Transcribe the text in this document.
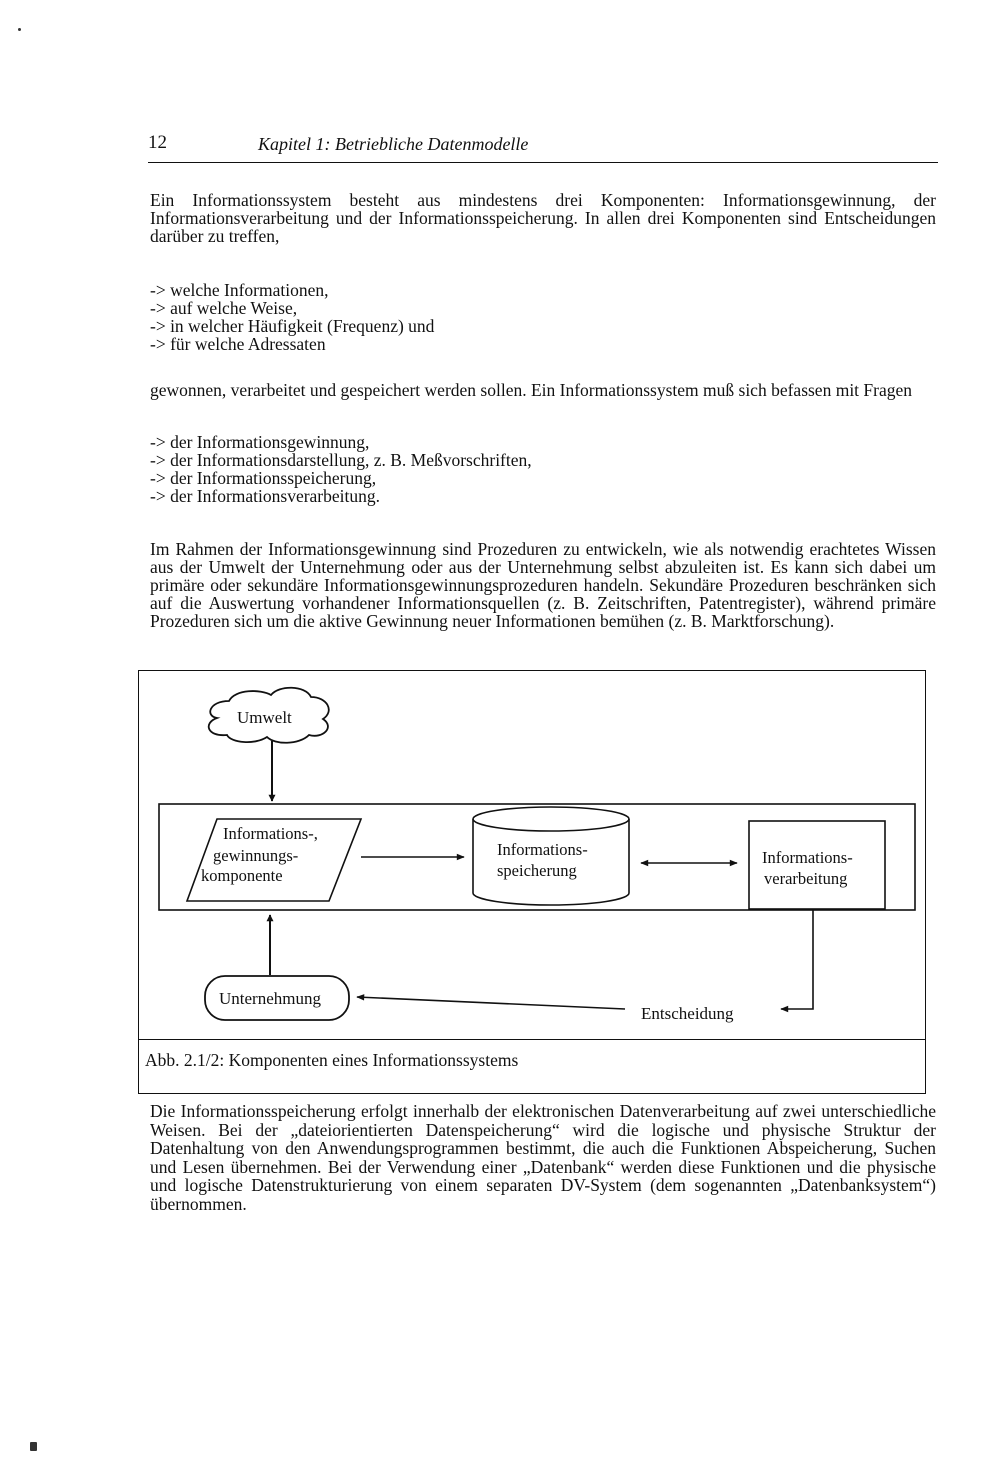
12	Kapitel 1: Betriebliche Datenmodelle
Ein Informationssystem besteht aus mindestens drei Komponenten: Informationsgewinnung, der Informationsverarbeitung und der Informationsspeicherung. In allen drei Komponenten sind Entscheidungen darüber zu treffen,
-> welche Informationen,
-> auf welche Weise,
-> in welcher Häufigkeit (Frequenz) und
-> für welche Adressaten
gewonnen, verarbeitet und gespeichert werden sollen. Ein Informationssystem muß sich befassen mit Fragen
-> der Informationsgewinnung,
-> der Informationsdarstellung, z. B. Meßvorschriften,
-> der Informationsspeicherung,
-> der Informationsverarbeitung.
Im Rahmen der Informationsgewinnung sind Prozeduren zu entwickeln, wie als notwendig erachtetes Wissen aus der Umwelt der Unternehmung oder aus der Unternehmung selbst abzuleiten ist. Es kann sich dabei um primäre oder sekundäre Informationsgewinnungsprozeduren handeln. Sekundäre Prozeduren beschränken sich auf die Auswertung vorhandener Informationsquellen (z. B. Zeitschriften, Patentregister), während primäre Prozeduren sich um die aktive Gewinnung neuer Informationen bemühen (z. B. Marktforschung).
Umwelt
Informations-,
gewinnungs-
komponente
Informations-
speicherung
Informations-
verarbeitung
Entscheidung
Unternehmung
Abb. 2.1/2: Komponenten eines Informationssystems
Die Informationsspeicherung erfolgt innerhalb der elektronischen Datenverarbeitung auf zwei unterschiedliche Weisen. Bei der „dateiorientierten Datenspeicherung“ wird die logische und physische Struktur der Datenhaltung von den Anwendungsprogrammen bestimmt, die auch die Funktionen Abspeicherung, Suchen und Lesen übernehmen. Bei der Verwendung einer „Datenbank“ werden diese Funktionen und die physische und logische Datenstrukturierung von einem separaten DV-System (dem sogenannten „Datenbanksystem“) übernommen.
